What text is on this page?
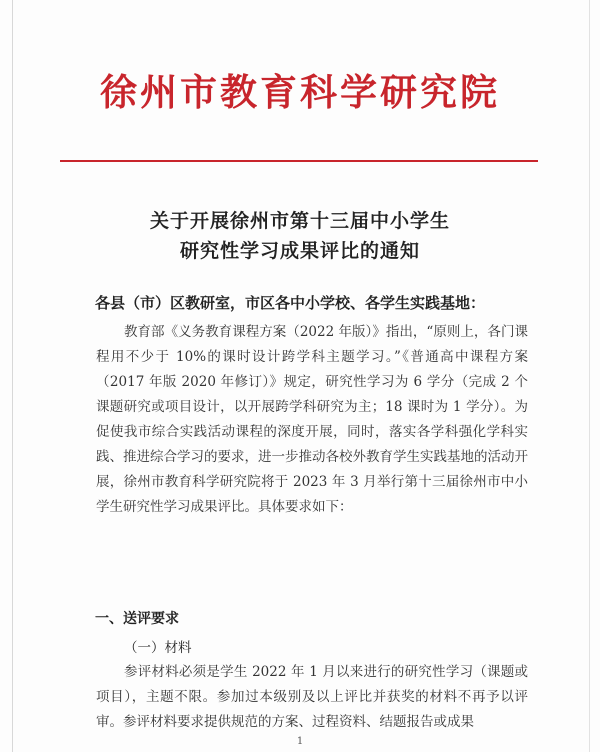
徐州市教育科学研究院
关于开展徐州市第十三届中小学生
研究性学习成果评比的通知
各县（市）区教研室，市区各中小学校、各学生实践基地：
教育部《义务教育课程方案（2022 年版）》指出，“原则上，各门课程用不少于 10%的课时设计跨学科主题学习。”《普通高中课程方案 （2017 年版 2020 年修订）》规定，研究性学习为 6 学分（完成 2 个课题研究或项目设计，以开展跨学科研究为主；18 课时为 1 学分）。为促使我市综合实践活动课程的深度开展，同时，落实各学科强化学科实践、推进综合学习的要求，进一步推动各校外教育学生实践基地的活动开展，徐州市教育科学研究院将于 2023 年 3 月举行第十三届徐州市中小学生研究性学习成果评比。具体要求如下：
一、送评要求
（一）材料
参评材料必须是学生 2022 年 1 月以来进行的研究性学习（课题或项目），主题不限。参加过本级别及以上评比并获奖的材料不再予以评审。参评材料要求提供规范的方案、过程资料、结题报告或成果
1
